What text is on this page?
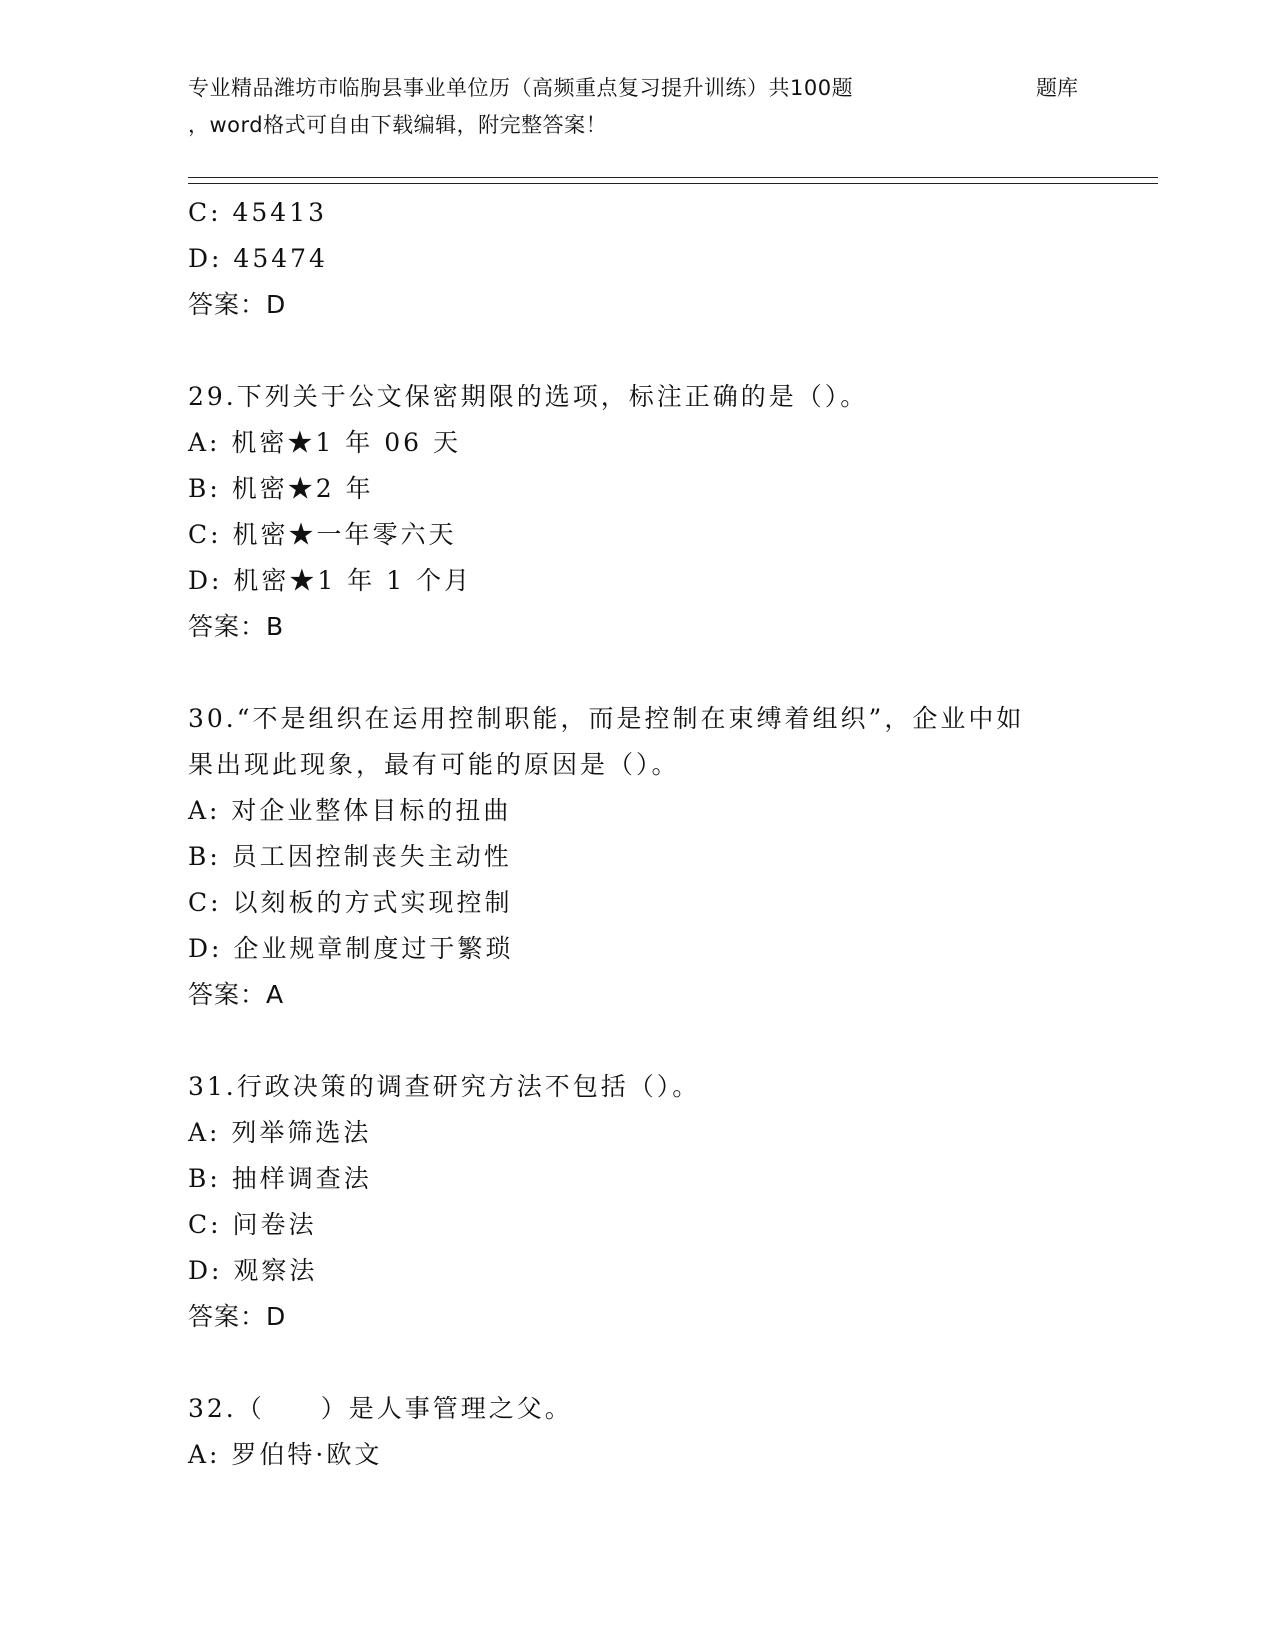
专业精品潍坊市临朐县事业单位历（高频重点复习提升训练）共100题	题库
，word格式可自由下载编辑，附完整答案！
C: 45413
D: 45474
答案：D
29.下列关于公文保密期限的选项，标注正确的是（）。
A: 机密★1 年 06 天
B: 机密★2 年
C: 机密★一年零六天
D: 机密★1 年 1 个月
答案：B
30.“不是组织在运用控制职能，而是控制在束缚着组织”，企业中如
果出现此现象，最有可能的原因是（）。
A: 对企业整体目标的扭曲
B: 员工因控制丧失主动性
C: 以刻板的方式实现控制
D: 企业规章制度过于繁琐
答案：A
31.行政决策的调查研究方法不包括（）。
A: 列举筛选法
B: 抽样调查法
C: 问卷法
D: 观察法
答案：D
32.（　　）是人事管理之父。
A: 罗伯特·欧文
